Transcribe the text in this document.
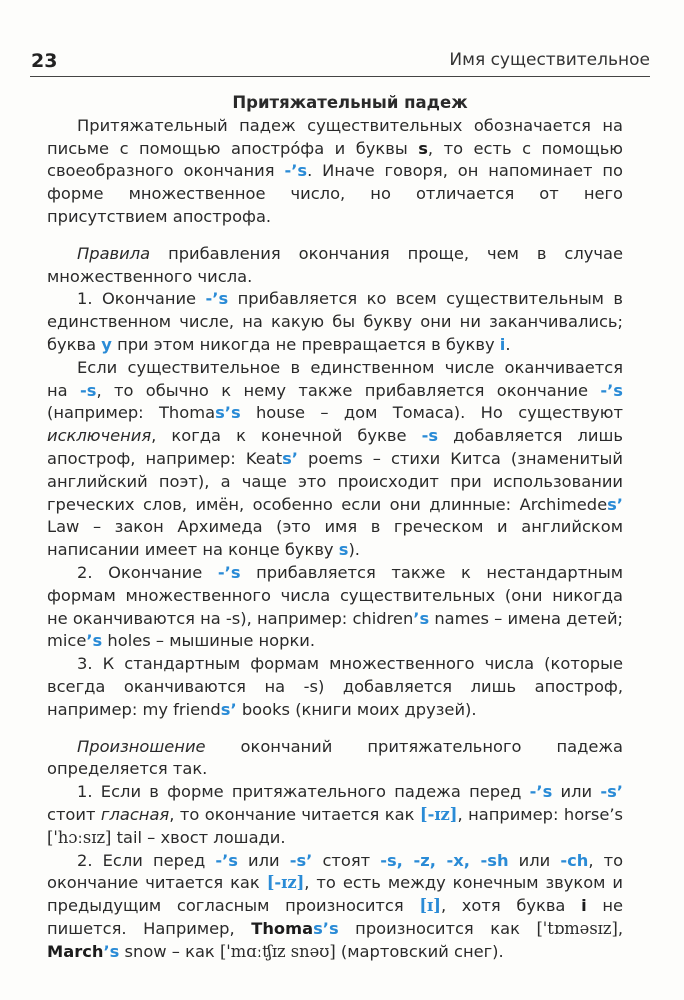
23	Имя существительное

Притяжательный падеж

Притяжательный падеж существительных обозначается на письме с помощью апостро́фа и буквы s, то есть с помощью своеобразного окончания -’s. Иначе говоря, он напоминает по форме множественное число, но отличается от него присутствием апострофа.

Правила прибавления окончания проще, чем в случае множественного числа.

1. Окончание -’s прибавляется ко всем существительным в единственном числе, на какую бы букву они ни заканчивались; буква y при этом никогда не превращается в букву i.

Если существительное в единственном числе оканчивается на -s, то обычно к нему также прибавляется окончание -’s (например: Thomas’s house – дом Томаса). Но существуют исключения, когда к конечной букве -s добавляется лишь апостроф, например: Keats’ poems – стихи Китса (знаменитый английский поэт), а чаще это происходит при использовании греческих слов, имён, особенно если они длинные: Archimedes’ Law – закон Архимеда (это имя в греческом и английском написании имеет на конце букву s).

2. Окончание -’s прибавляется также к нестандартным формам множественного числа существительных (они никогда не оканчиваются на -s), например: chidren’s names – имена детей; mice’s holes – мышиные норки.

3. К стандартным формам множественного числа (которые всегда оканчиваются на -s) добавляется лишь апостроф, например: my friends’ books (книги моих друзей).

Произношение окончаний притяжательного падежа определяется так.

1. Если в форме притяжательного падежа перед -’s или -s’ стоит гласная, то окончание читается как [-ɪz], например: horse’s ['hɔːsɪz] tail – хвост лошади.

2. Если перед -’s или -s’ стоят -s, -z, -x, -sh или -ch, то окончание читается как [-ɪz], то есть между конечным звуком и предыдущим согласным произносится [ɪ], хотя буква i не пишется. Например, Thomas’s произносится как ['tɒməsɪz], March’s snow – как ['mɑːʧɪz snəʊ] (мартовский снег).
